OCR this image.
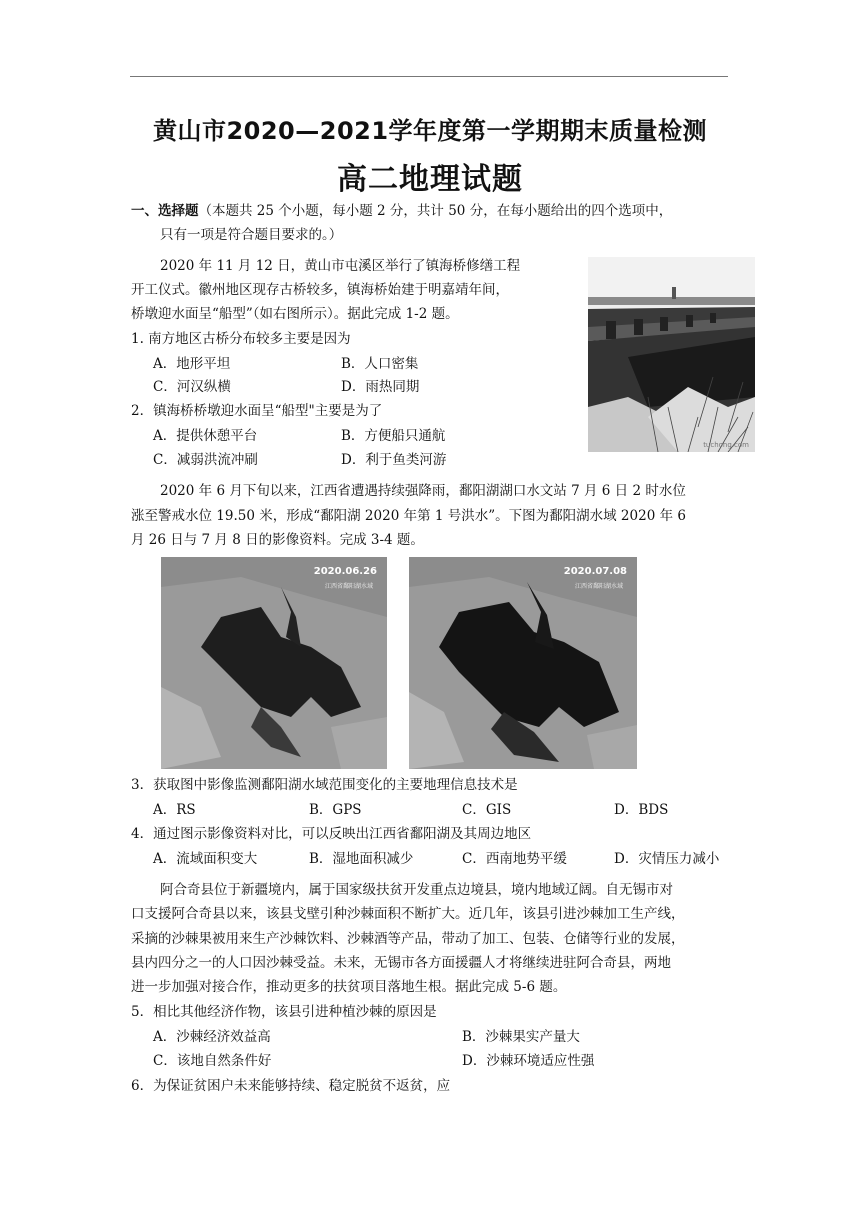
黄山市2020—2021学年度第一学期期末质量检测
高二地理试题
一、选择题（本题共 25 个小题，每小题 2 分，共计 50 分，在每小题给出的四个选项中，
只有一项是符合题目要求的。）
2020 年 11 月 12 日，黄山市屯溪区举行了镇海桥修缮工程
开工仪式。徽州地区现存古桥较多，镇海桥始建于明嘉靖年间，
桥墩迎水面呈“船型”（如右图所示）。据此完成 1-2 题。
1. 南方地区古桥分布较多主要是因为
A．地形平坦	B．人口密集
C．河汉纵横	D．雨热同期
2．镇海桥桥墩迎水面呈“船型"主要是为了
A．提供休憩平台	B．方便船只通航
C．减弱洪流冲刷	D．利于鱼类河游
tuchong.com
2020 年 6 月下旬以来，江西省遭遇持续强降雨，鄱阳湖湖口水文站 7 月 6 日 2 时水位
涨至警戒水位 19.50 米，形成“鄱阳湖 2020 年第 1 号洪水”。下图为鄱阳湖水域 2020 年 6
月 26 日与 7 月 8 日的影像资料。完成 3-4 题。
2020.06.26
江西省鄱阳湖水域
2020.07.08
江西省鄱阳湖水域
3．获取图中影像监测鄱阳湖水域范围变化的主要地理信息技术是
A．RS	B．GPS	C．GIS	D．BDS
4．通过图示影像资料对比，可以反映出江西省鄱阳湖及其周边地区
A．流域面积变大	B．湿地面积减少	C．西南地势平缓	D．灾情压力减小
阿合奇县位于新疆境内，属于国家级扶贫开发重点边境县，境内地域辽阔。自无锡市对
口支援阿合奇县以来，该县戈壁引种沙棘面积不断扩大。近几年，该县引进沙棘加工生产线，
采摘的沙棘果被用来生产沙棘饮料、沙棘酒等产品，带动了加工、包装、仓储等行业的发展，
县内四分之一的人口因沙棘受益。未来，无锡市各方面援疆人才将继续进驻阿合奇县，两地
进一步加强对接合作，推动更多的扶贫项目落地生根。据此完成 5-6 题。
5．相比其他经济作物，该县引进种植沙棘的原因是
A．沙棘经济效益高	B．沙棘果实产量大
C．该地自然条件好	D．沙棘环境适应性强
6．为保证贫困户未来能够持续、稳定脱贫不返贫，应
